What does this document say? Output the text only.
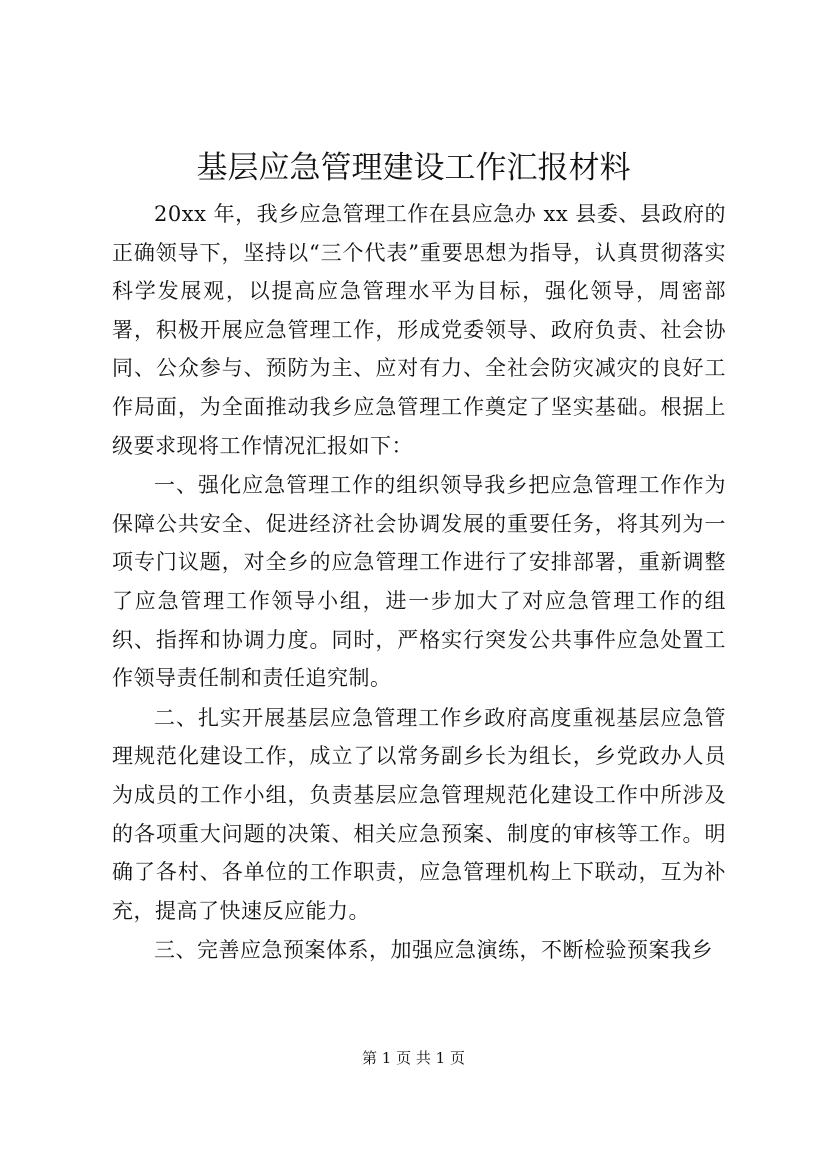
基层应急管理建设工作汇报材料

20xx 年，我乡应急管理工作在县应急办 xx 县委、县政府的正确领导下，坚持以“三个代表”重要思想为指导，认真贯彻落实科学发展观，以提高应急管理水平为目标，强化领导，周密部署，积极开展应急管理工作，形成党委领导、政府负责、社会协同、公众参与、预防为主、应对有力、全社会防灾减灾的良好工作局面，为全面推动我乡应急管理工作奠定了坚实基础。根据上级要求现将工作情况汇报如下：

一、强化应急管理工作的组织领导我乡把应急管理工作作为保障公共安全、促进经济社会协调发展的重要任务，将其列为一项专门议题，对全乡的应急管理工作进行了安排部署，重新调整了应急管理工作领导小组，进一步加大了对应急管理工作的组织、指挥和协调力度。同时，严格实行突发公共事件应急处置工作领导责任制和责任追究制。

二、扎实开展基层应急管理工作乡政府高度重视基层应急管理规范化建设工作，成立了以常务副乡长为组长，乡党政办人员为成员的工作小组，负责基层应急管理规范化建设工作中所涉及的各项重大问题的决策、相关应急预案、制度的审核等工作。明确了各村、各单位的工作职责，应急管理机构上下联动，互为补充，提高了快速反应能力。

三、完善应急预案体系，加强应急演练，不断检验预案我乡

第 1 页 共 1 页
